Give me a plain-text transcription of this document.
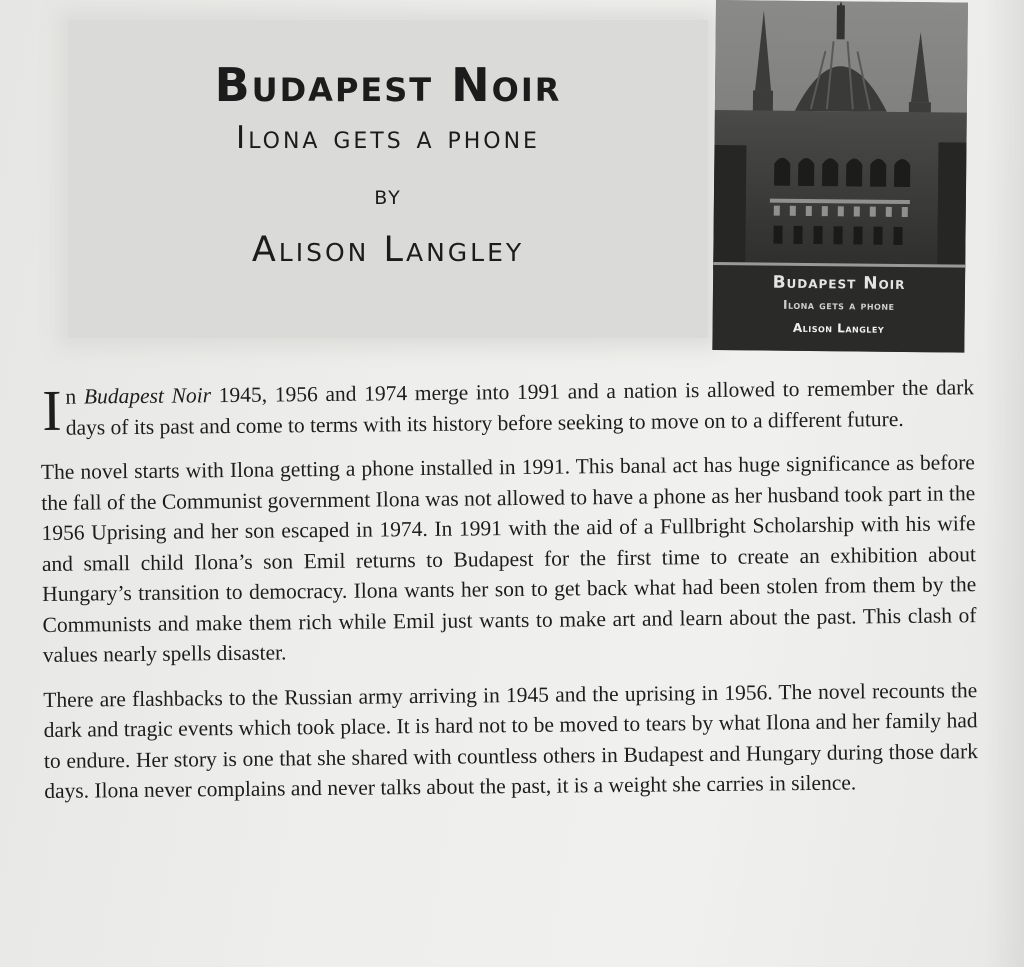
Budapest Noir
Ilona gets a phone
by
Alison Langley
Budapest Noir
Ilona gets a phone
Alison Langley

In Budapest Noir 1945, 1956 and 1974 merge into 1991 and a nation is allowed to remember the dark days of its past and come to terms with its history before seeking to move on to a different future.

The novel starts with Ilona getting a phone installed in 1991. This banal act has huge significance as before the fall of the Communist government Ilona was not allowed to have a phone as her husband took part in the 1956 Uprising and her son escaped in 1974. In 1991 with the aid of a Fullbright Scholarship with his wife and small child Ilona’s son Emil returns to Budapest for the first time to create an exhibition about Hungary’s transition to democracy. Ilona wants her son to get back what had been stolen from them by the Communists and make them rich while Emil just wants to make art and learn about the past. This clash of values nearly spells disaster.

There are flashbacks to the Russian army arriving in 1945 and the uprising in 1956. The novel recounts the dark and tragic events which took place. It is hard not to be moved to tears by what Ilona and her family had to endure. Her story is one that she shared with countless others in Budapest and Hungary during those dark days. Ilona never complains and never talks about the past, it is a weight she carries in silence.
